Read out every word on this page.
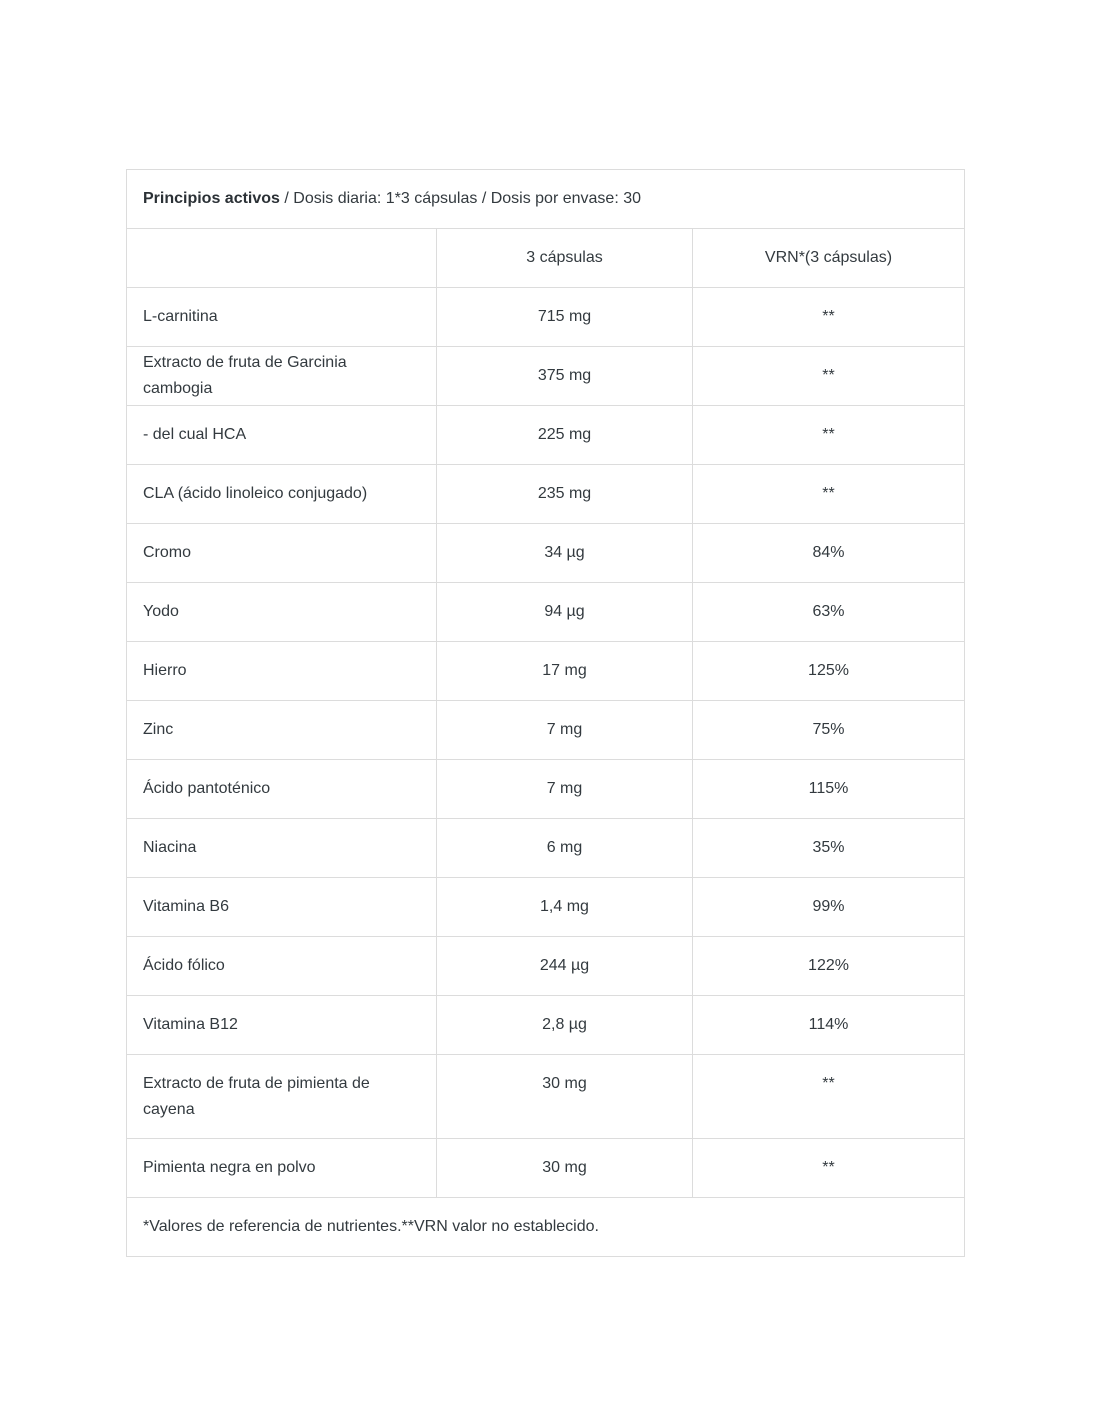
Principios activos / Dosis diaria: 1*3 cápsulas / Dosis por envase: 30		
	3 cápsulas	VRN*(3 cápsulas)
L-carnitina	715 mg	**
Extracto de fruta de Garcinia cambogia	375 mg	**
- del cual HCA	225 mg	**
CLA (ácido linoleico conjugado)	235 mg	**
Cromo	34 µg	84%
Yodo	94 µg	63%
Hierro	17 mg	125%
Zinc	7 mg	75%
Ácido pantoténico	7 mg	115%
Niacina	6 mg	35%
Vitamina B6	1,4 mg	99%
Ácido fólico	244 µg	122%
Vitamina B12	2,8 µg	114%
Extracto de fruta de pimienta de cayena	30 mg	**
Pimienta negra en polvo	30 mg	**
*Valores de referencia de nutrientes.**VRN valor no establecido.		
